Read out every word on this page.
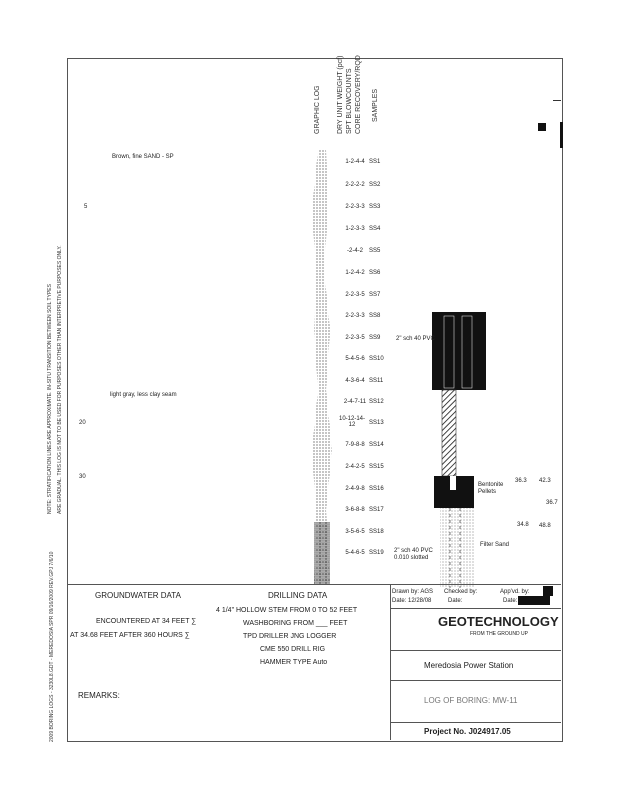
NOTE: STRATIFICATION LINES ARE APPROXIMATE. IN-SITU TRANSITION BETWEEN SOIL TYPES ARE GRADUAL. THIS LOG IS NOT TO BE USED FOR PURPOSES OTHER THAN INTERPRETIVE PURPOSES ONLY.
2009 BORING LOGS - 3230L8.GDT - MEREDOSIA SPR 09/16/2009 REV.GPJ 7/6/10
GRAPHIC LOG DRY UNIT WEIGHT (pcf) SPT BLOWCOUNTS CORE RECOVERY/RQD SAMPLES
5
20
30
Brown, fine SAND - SP
light gray, less clay seam
1-2-4-4 SS1
2-2-2-2 SS2
2-2-3-3 SS3
1-2-3-3 SS4
-2-4-2	SS5
1-2-4-2 SS6
2-2-3-5 SS7
2-2-3-3 SS8
2-2-3-5 SS9
5-4-5-6 SS10
4-3-6-4 SS11
2-4-7-11 SS12
10-12-14-12	SS13
7-9-8-8 SS14
2-4-2-5 SS15
2-4-9-8 SS16
3-6-8-8 SS17
3-5-6-5 SS18
5-4-6-5 SS19
2" sch 40 PVC
Bentonite Pellets
Filter Sand
2" sch 40 PVC 0.010 slotted
36.3 42.3
34.8 48.8
36.7
GROUNDWATER DATA
ENCOUNTERED AT 34 FEET ∑
AT 34.68 FEET AFTER 360 HOURS ∑
DRILLING DATA
4 1/4" HOLLOW STEM FROM 0 TO 52 FEET
WASHBORING FROM ___ FEET
TPD DRILLER JNG LOGGER
CME 550 DRILL RIG
HAMMER TYPE Auto
REMARKS:
Drawn by: AGS Checked by:	App'vd. by:
Date: 12/28/08	Date:	Date:
GEOTECHNOLOGY
FROM THE GROUND UP
Meredosia Power Station
LOG OF BORING: MW-11
Project No. J024917.05
